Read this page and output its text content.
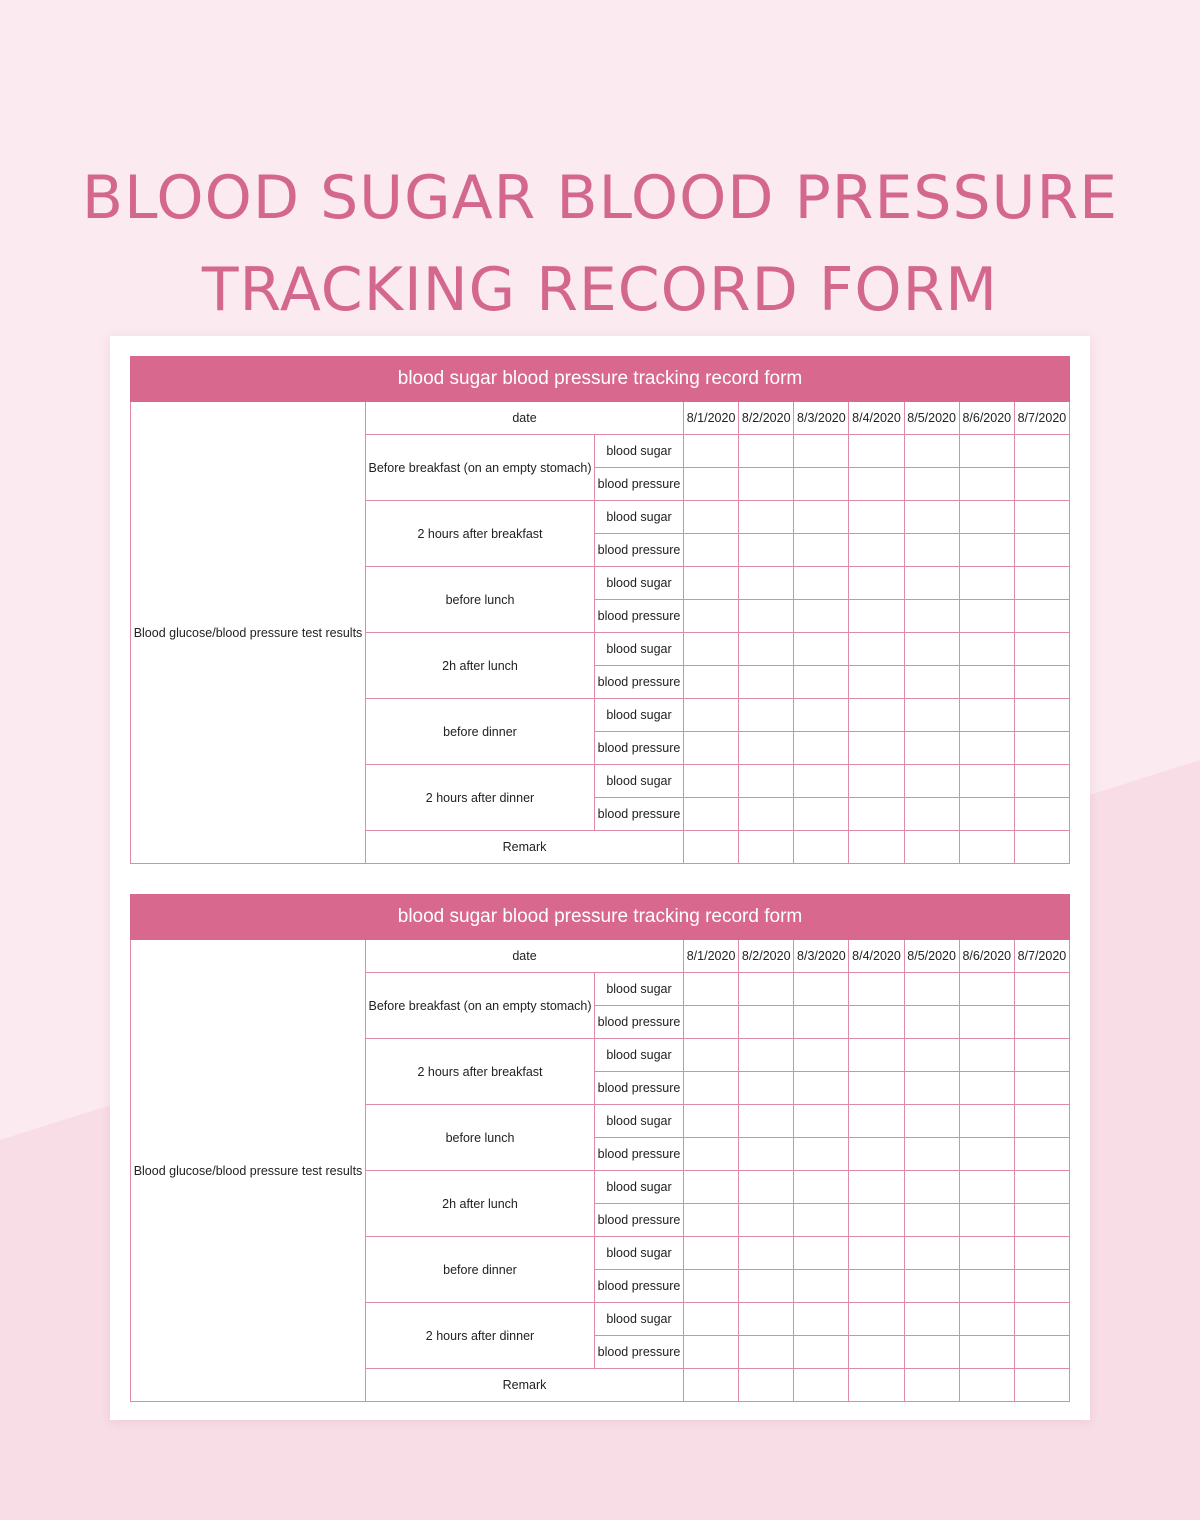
BLOOD SUGAR BLOOD PRESSURE
TRACKING RECORD FORM
blood sugar blood pressure tracking record form									
Blood glucose/blood pressure test results	date		8/1/2020	8/2/2020	8/3/2020	8/4/2020	8/5/2020	8/6/2020	8/7/2020
	Before breakfast (on an empty stomach)	blood sugar							
		blood pressure							
	2 hours after breakfast	blood sugar							
		blood pressure							
	before lunch	blood sugar							
		blood pressure							
	2h after lunch	blood sugar							
		blood pressure							
	before dinner	blood sugar							
		blood pressure							
	2 hours after dinner	blood sugar							
		blood pressure							
	Remark								
blood sugar blood pressure tracking record form									
Blood glucose/blood pressure test results	date		8/1/2020	8/2/2020	8/3/2020	8/4/2020	8/5/2020	8/6/2020	8/7/2020
	Before breakfast (on an empty stomach)	blood sugar							
		blood pressure							
	2 hours after breakfast	blood sugar							
		blood pressure							
	before lunch	blood sugar							
		blood pressure							
	2h after lunch	blood sugar							
		blood pressure							
	before dinner	blood sugar							
		blood pressure							
	2 hours after dinner	blood sugar							
		blood pressure							
	Remark								
